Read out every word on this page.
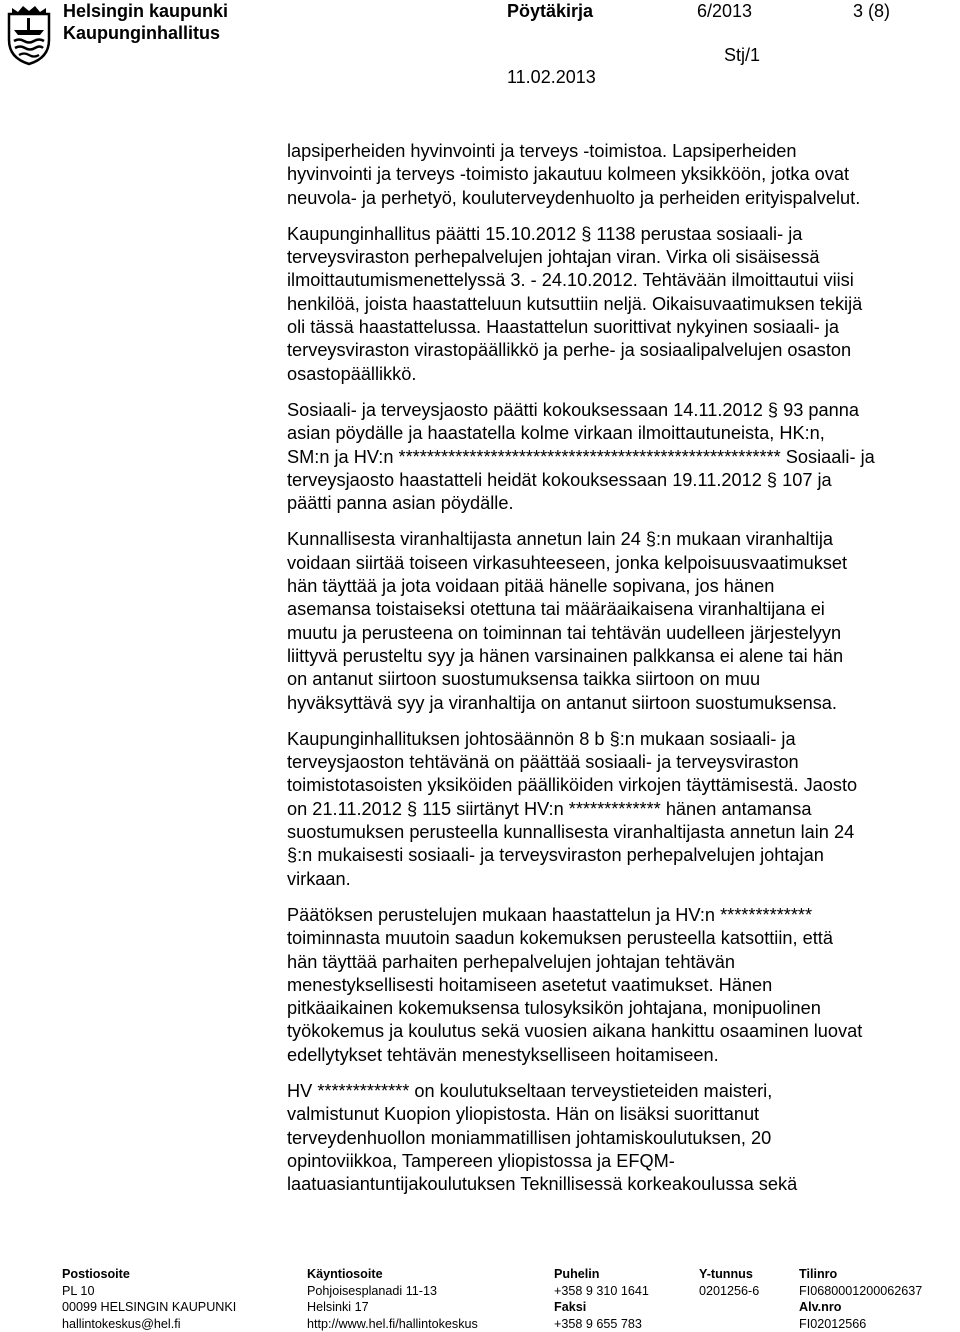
Helsingin kaupunki
Kaupunginhallitus
Pöytäkirja	6/2013	3 (8)
Stj/1
11.02.2013

lapsiperheiden hyvinvointi ja terveys -toimistoa. Lapsiperheiden
hyvinvointi ja terveys -toimisto jakautuu kolmeen yksikköön, jotka ovat
neuvola- ja perhetyö, kouluterveydenhuolto ja perheiden erityispalvelut.

Kaupunginhallitus päätti 15.10.2012 § 1138 perustaa sosiaali- ja
terveysviraston perhepalvelujen johtajan viran. Virka oli sisäisessä
ilmoittautumismenettelyssä 3. - 24.10.2012. Tehtävään ilmoittautui viisi
henkilöä, joista haastatteluun kutsuttiin neljä. Oikaisuvaatimuksen tekijä
oli tässä haastattelussa. Haastattelun suorittivat nykyinen sosiaali- ja
terveysviraston virastopäällikkö ja perhe- ja sosiaalipalvelujen osaston
osastopäällikkö.

Sosiaali- ja terveysjaosto päätti kokouksessaan 14.11.2012 § 93 panna
asian pöydälle ja haastatella kolme virkaan ilmoittautuneista, HK:n,
SM:n ja HV:n ****************************************************** Sosiaali- ja
terveysjaosto haastatteli heidät kokouksessaan 19.11.2012 § 107 ja
päätti panna asian pöydälle.

Kunnallisesta viranhaltijasta annetun lain 24 §:n mukaan viranhaltija
voidaan siirtää toiseen virkasuhteeseen, jonka kelpoisuusvaatimukset
hän täyttää ja jota voidaan pitää hänelle sopivana, jos hänen
asemansa toistaiseksi otettuna tai määräaikaisena viranhaltijana ei
muutu ja perusteena on toiminnan tai tehtävän uudelleen järjestelyyn
liittyvä perusteltu syy ja hänen varsinainen palkkansa ei alene tai hän
on antanut siirtoon suostumuksensa taikka siirtoon on muu
hyväksyttävä syy ja viranhaltija on antanut siirtoon suostumuksensa.

Kaupunginhallituksen johtosäännön 8 b §:n mukaan sosiaali- ja
terveysjaoston tehtävänä on päättää sosiaali- ja terveysviraston
toimistotasoisten yksiköiden päälliköiden virkojen täyttämisestä. Jaosto
on 21.11.2012 § 115 siirtänyt HV:n ************* hänen antamansa
suostumuksen perusteella kunnallisesta viranhaltijasta annetun lain 24
§:n mukaisesti sosiaali- ja terveysviraston perhepalvelujen johtajan
virkaan.

Päätöksen perustelujen mukaan haastattelun ja HV:n *************
toiminnasta muutoin saadun kokemuksen perusteella katsottiin, että
hän täyttää parhaiten perhepalvelujen johtajan tehtävän
menestyksellisesti hoitamiseen asetetut vaatimukset. Hänen
pitkäaikainen kokemuksensa tulosyksikön johtajana, monipuolinen
työkokemus ja koulutus sekä vuosien aikana hankittu osaaminen luovat
edellytykset tehtävän menestykselliseen hoitamiseen.

HV ************* on koulutukseltaan terveystieteiden maisteri,
valmistunut Kuopion yliopistosta. Hän on lisäksi suorittanut
terveydenhuollon moniammatillisen johtamiskoulutuksen, 20
opintoviikkoa, Tampereen yliopistossa ja EFQM-
laatuasiantuntijakoulutuksen Teknillisessä korkeakoulussa sekä

Postiosoite
PL 10
00099 HELSINGIN KAUPUNKI
hallintokeskus@hel.fi
Käyntiosoite
Pohjoisesplanadi 11-13
Helsinki 17
http://www.hel.fi/hallintokeskus
Puhelin
+358 9 310 1641
Faksi
+358 9 655 783
Y-tunnus
0201256-6
Tilinro
FI0680001200062637
Alv.nro
FI02012566
